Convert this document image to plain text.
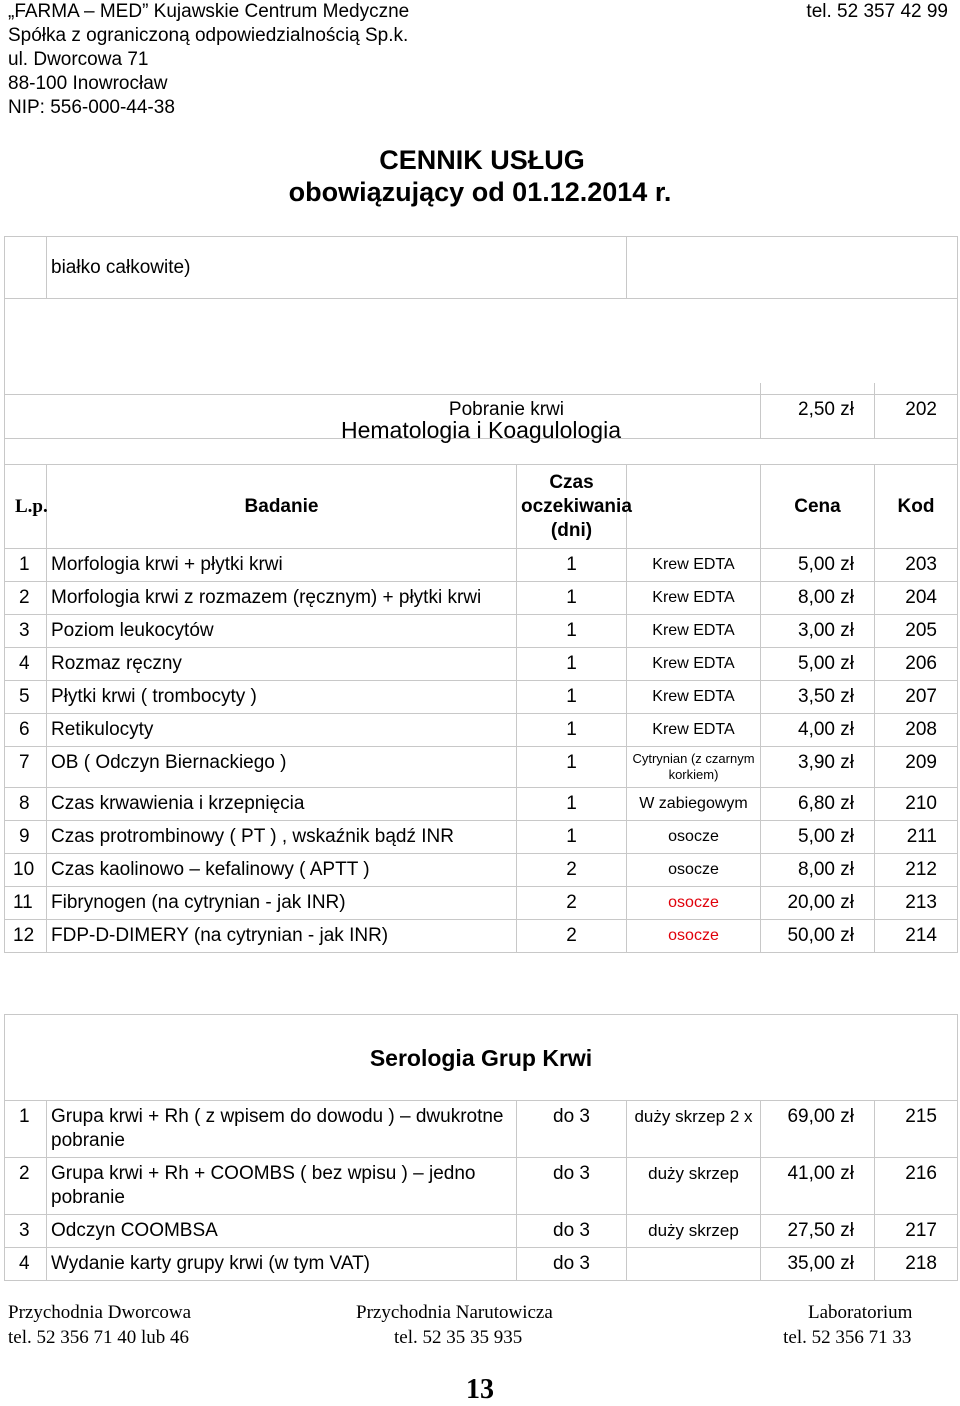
„FARMA – MED” Kujawskie Centrum Medyczne
Spółka z ograniczoną odpowiedzialnością Sp.k.
ul. Dworcowa 71
88-100 Inowrocław
NIP: 556-000-44-38
tel. 52 357 42 99
CENNIK USŁUG
obowiązujący od 01.12.2014 r.
	białko całkowite)			

Pobranie krwi			2,50 zł	202
Hematologia i Koagulologia					
L.p.	Badanie	Czas oczekiwania (dni)		Cena	Kod
1	Morfologia krwi + płytki krwi	1	Krew EDTA	5,00 zł	203
2	Morfologia krwi z rozmazem (ręcznym) + płytki krwi	1	Krew EDTA	8,00 zł	204
3	Poziom leukocytów	1	Krew EDTA	3,00 zł	205
4	Rozmaz ręczny	1	Krew EDTA	5,00 zł	206
5	Płytki krwi ( trombocyty )	1	Krew EDTA	3,50 zł	207
6	Retikulocyty	1	Krew EDTA	4,00 zł	208
7	OB ( Odczyn Biernackiego )	1	Cytrynian (z czarnym korkiem)	3,90 zł	209
8	Czas krwawienia i krzepnięcia	1	W zabiegowym	6,80 zł	210
9	Czas protrombinowy ( PT ) , wskaźnik bądź INR	1	osocze	5,00 zł	211
10	Czas kaolinowo – kefalinowy ( APTT )	2	osocze	8,00 zł	212
11	Fibrynogen (na cytrynian - jak INR)	2	osocze	20,00 zł	213
12	FDP-D-DIMERY (na cytrynian - jak INR)	2	osocze	50,00 zł	214
Serologia Grup Krwi					
1	Grupa krwi + Rh ( z wpisem do dowodu ) – dwukrotne pobranie	do 3	duży skrzep 2 x	69,00 zł	215
2	Grupa krwi + Rh + COOMBS ( bez wpisu ) – jedno pobranie	do 3	duży skrzep	41,00 zł	216
3	Odczyn COOMBSA	do 3	duży skrzep	27,50 zł	217
4	Wydanie karty grupy krwi (w tym VAT)	do 3		35,00 zł	218
Przychodnia Dworcowa
tel. 52 356 71 40 lub 46
Przychodnia Narutowicza
tel. 52 35 35 935
Laboratorium
tel. 52 356 71 33
13
